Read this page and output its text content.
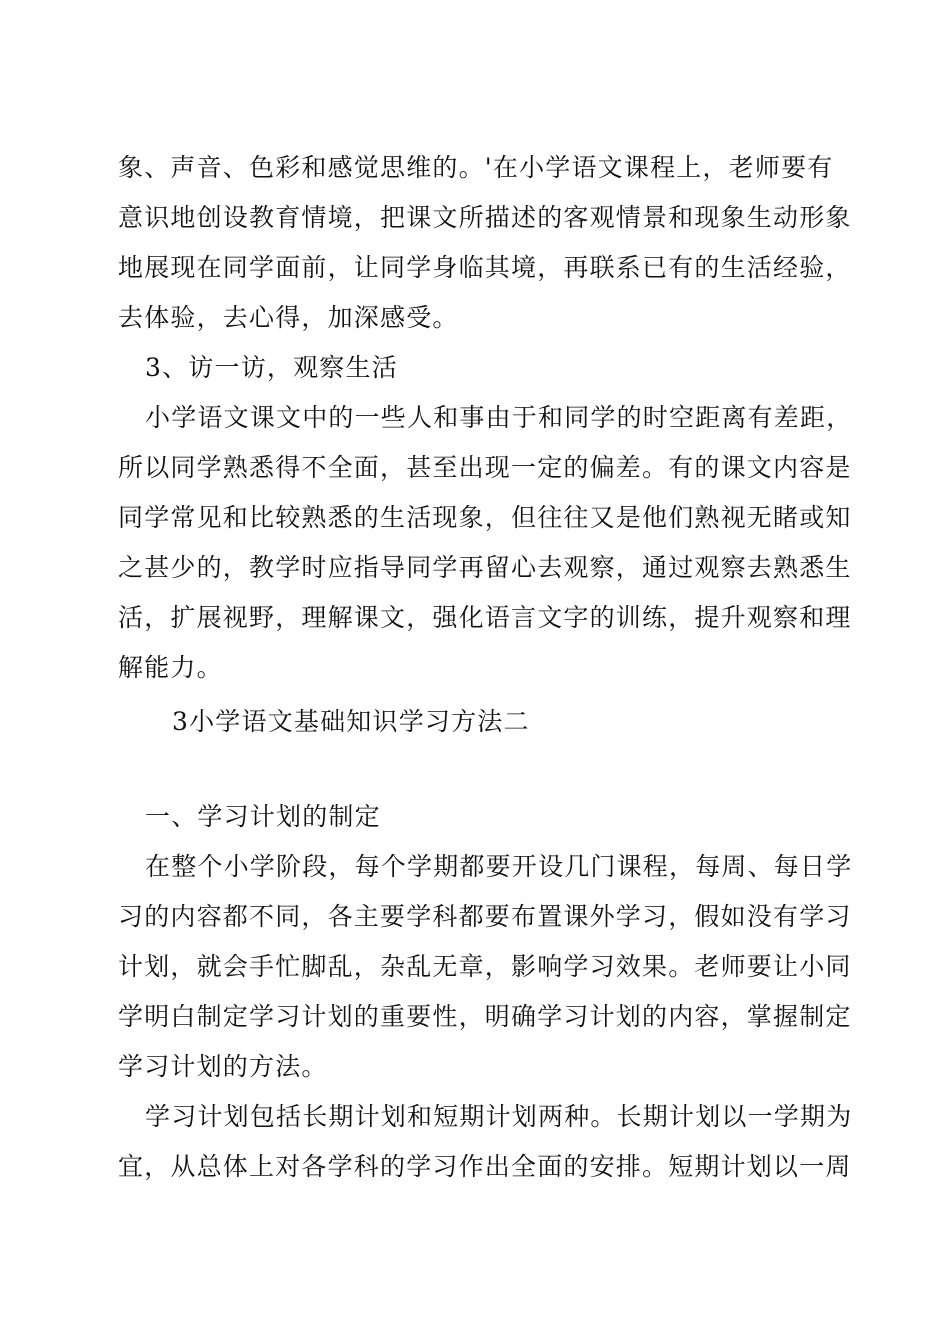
象、声音、色彩和感觉思维的。'在小学语文课程上，老师要有
意识地创设教育情境，把课文所描述的客观情景和现象生动形象
地展现在同学面前，让同学身临其境，再联系已有的生活经验，
去体验，去心得，加深感受。
3、访一访，观察生活
小学语文课文中的一些人和事由于和同学的时空距离有差距，
所以同学熟悉得不全面，甚至出现一定的偏差。有的课文内容是
同学常见和比较熟悉的生活现象，但往往又是他们熟视无睹或知
之甚少的，教学时应指导同学再留心去观察，通过观察去熟悉生
活，扩展视野，理解课文，强化语言文字的训练，提升观察和理
解能力。
3小学语文基础知识学习方法二
一、学习计划的制定
在整个小学阶段，每个学期都要开设几门课程，每周、每日学
习的内容都不同，各主要学科都要布置课外学习，假如没有学习
计划，就会手忙脚乱，杂乱无章，影响学习效果。老师要让小同
学明白制定学习计划的重要性，明确学习计划的内容，掌握制定
学习计划的方法。
学习计划包括长期计划和短期计划两种。长期计划以一学期为
宜，从总体上对各学科的学习作出全面的安排。短期计划以一周
